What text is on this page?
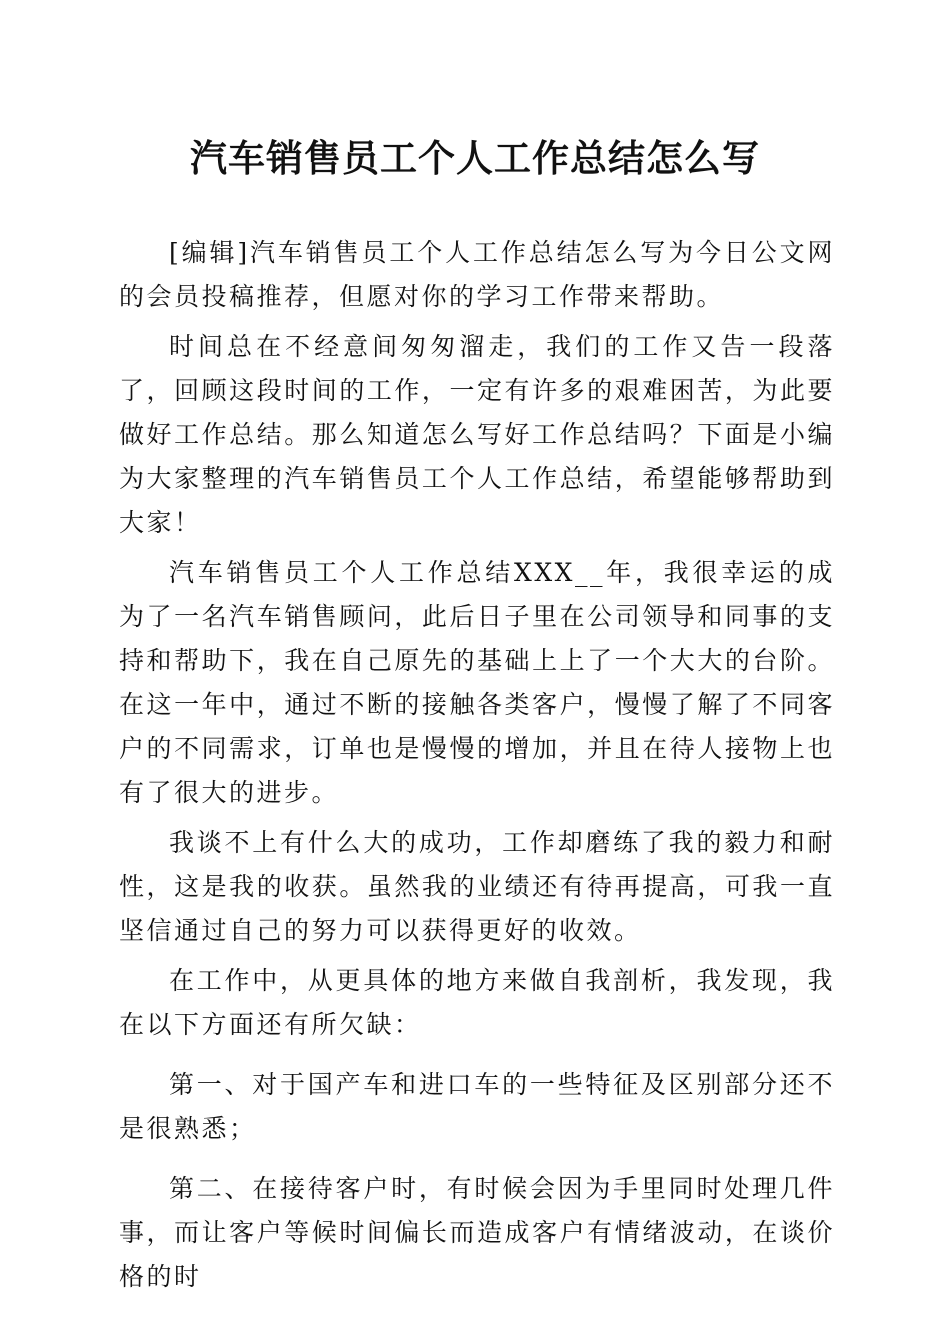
汽车销售员工个人工作总结怎么写

[编辑]汽车销售员工个人工作总结怎么写为今日公文网的会员投稿推荐，但愿对你的学习工作带来帮助。

时间总在不经意间匆匆溜走，我们的工作又告一段落了，回顾这段时间的工作，一定有许多的艰难困苦，为此要做好工作总结。那么知道怎么写好工作总结吗？下面是小编为大家整理的汽车销售员工个人工作总结，希望能够帮助到大家！

汽车销售员工个人工作总结XXX__年，我很幸运的成为了一名汽车销售顾问，此后日子里在公司领导和同事的支持和帮助下，我在自己原先的基础上上了一个大大的台阶。在这一年中，通过不断的接触各类客户，慢慢了解了不同客户的不同需求，订单也是慢慢的增加，并且在待人接物上也有了很大的进步。

我谈不上有什么大的成功，工作却磨练了我的毅力和耐性，这是我的收获。虽然我的业绩还有待再提高，可我一直坚信通过自己的努力可以获得更好的收效。

在工作中，从更具体的地方来做自我剖析，我发现，我在以下方面还有所欠缺：

第一、对于国产车和进口车的一些特征及区别部分还不是很熟悉；

第二、在接待客户时，有时候会因为手里同时处理几件事，而让客户等候时间偏长而造成客户有情绪波动，在谈价格的时
